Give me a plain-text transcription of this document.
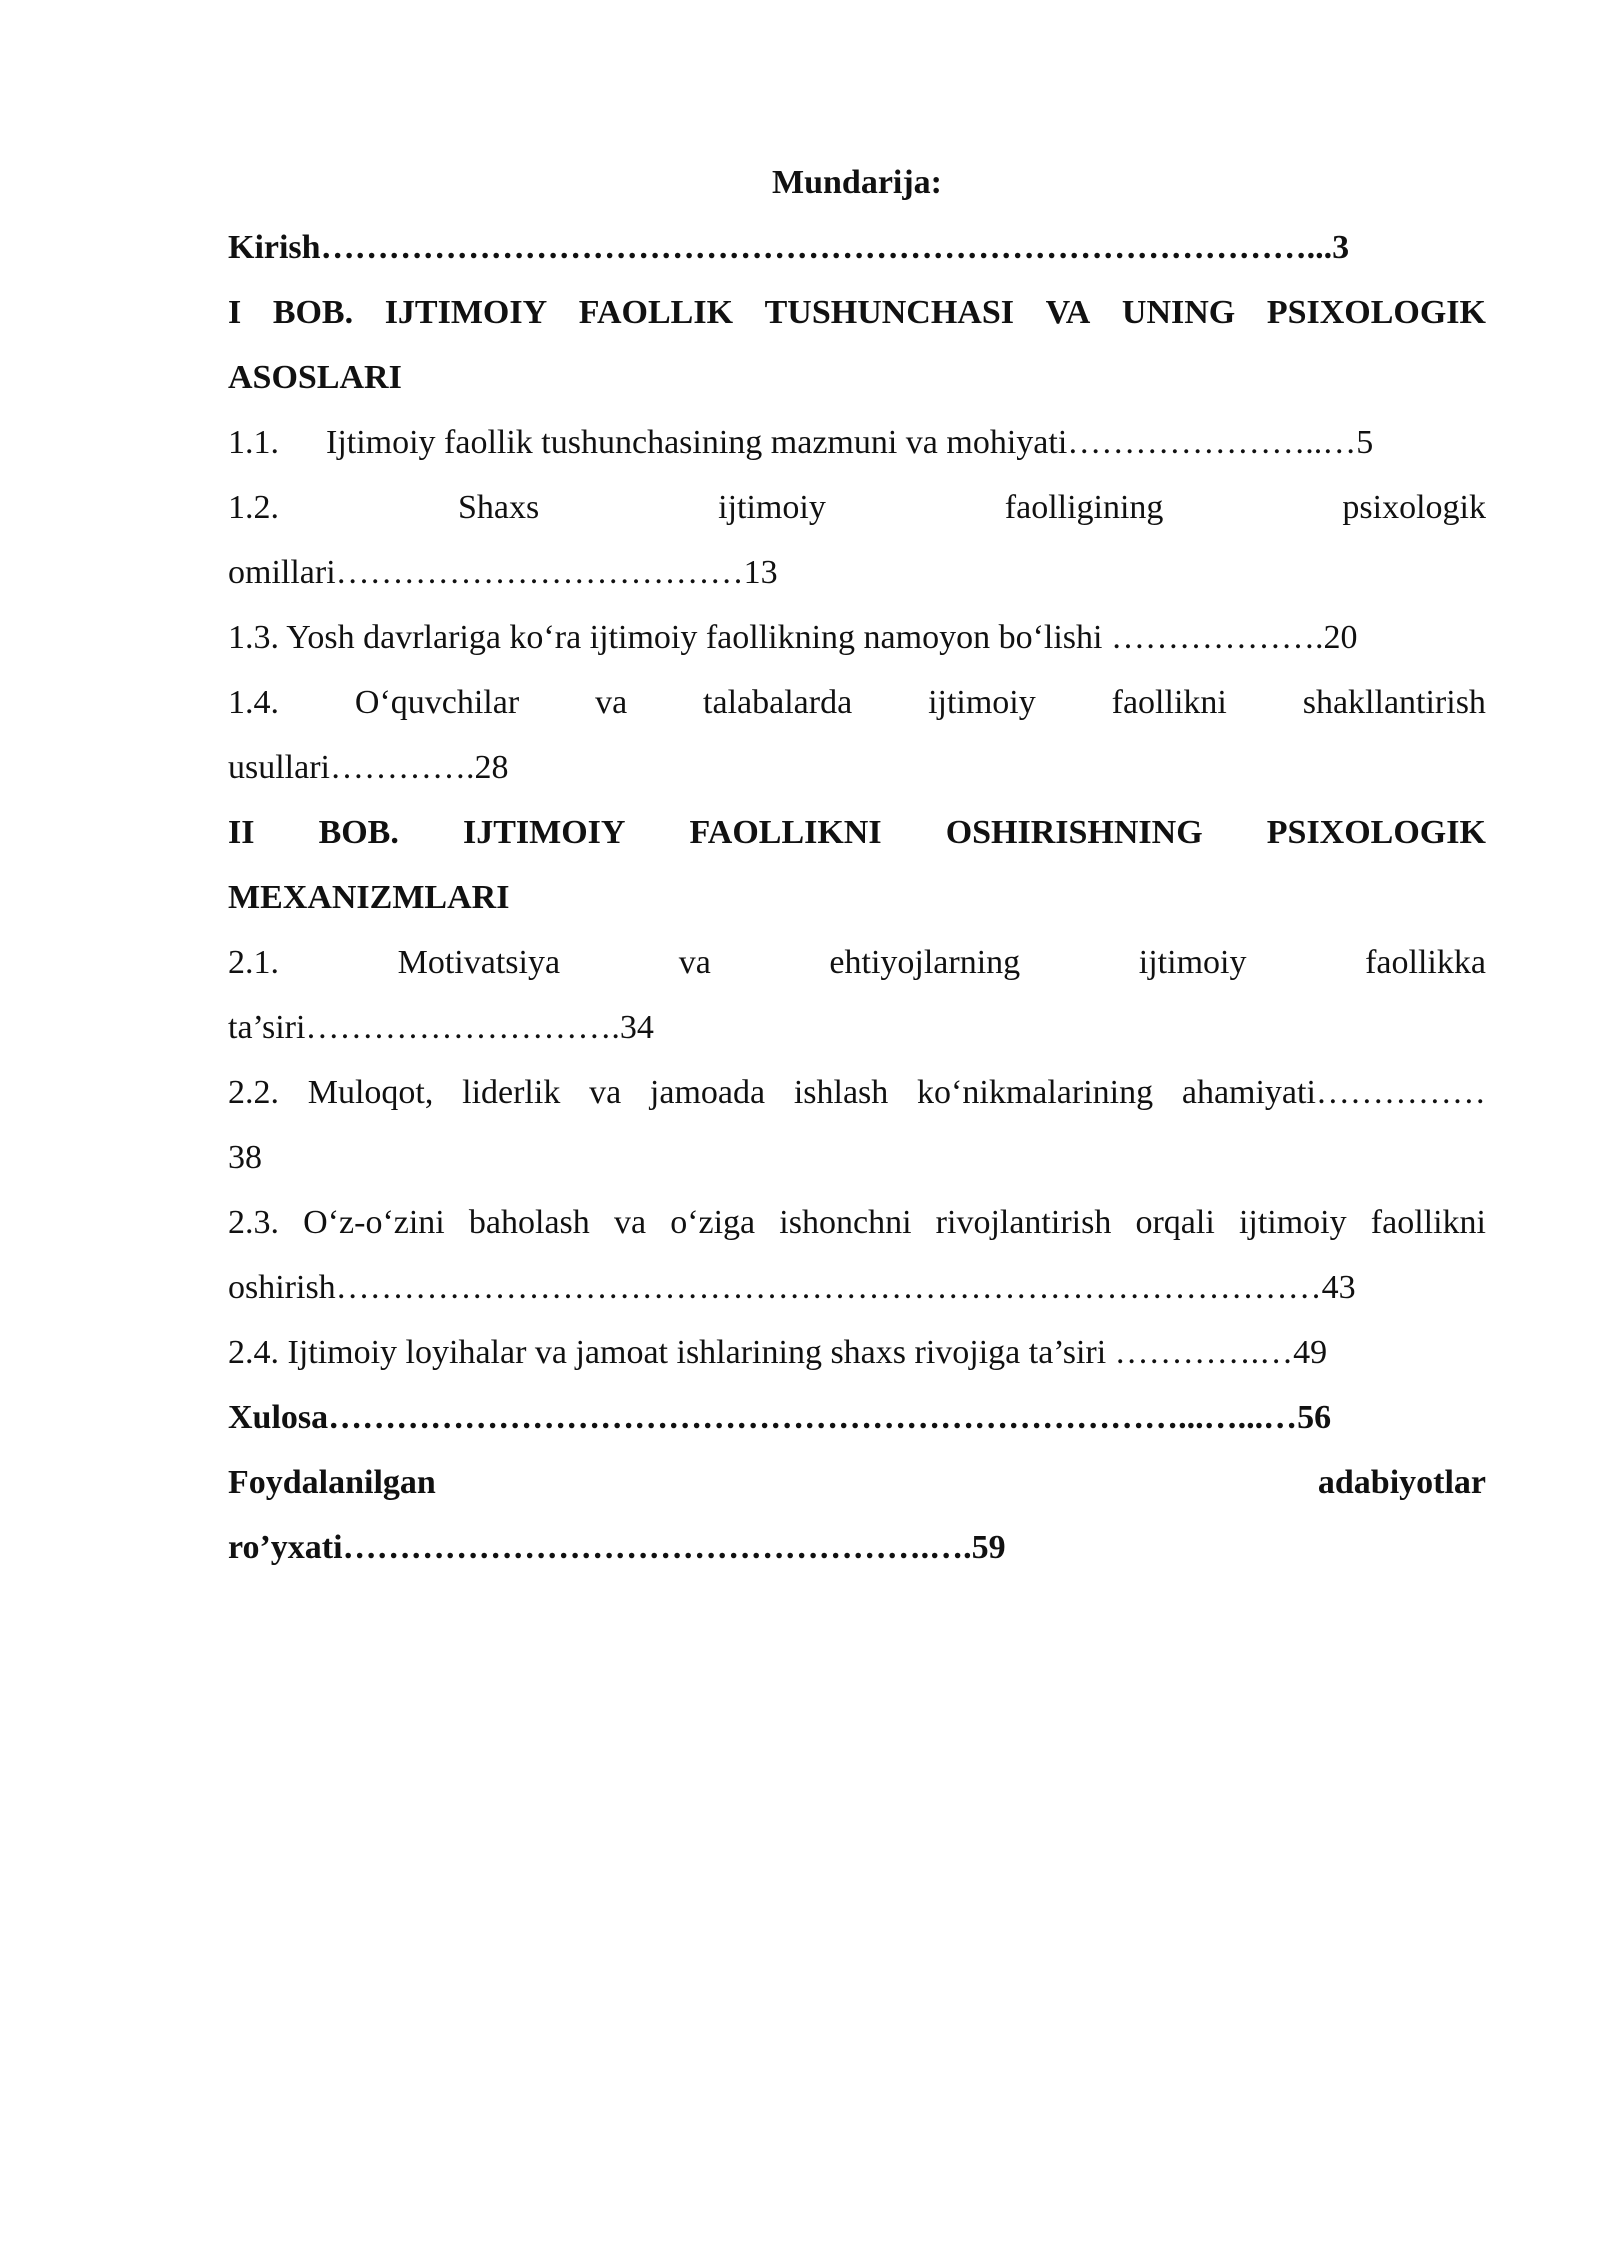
Mundarija:

Kirish……………………………………………………………………………...3

I BOB. IJTIMOIY FAOLLIK TUSHUNCHASI VA UNING PSIXOLOGIK

ASOSLARI

1.1. Ijtimoiy faollik tushunchasining mazmuni va mohiyati…………………..…5

1.2.	Shaxs	ijtimoiy	faolligining	psixologik

omillari………………………………13

1.3. Yosh davrlariga ko‘ra ijtimoiy faollikning namoyon bo‘lishi ……………….20

1.4. O‘quvchilar va talabalarda ijtimoiy faollikni shakllantirish

usullari………….28

II BOB. IJTIMOIY FAOLLIKNI OSHIRISHNING PSIXOLOGIK

MEXANIZMLARI

2.1.	Motivatsiya	va	ehtiyojlarning	ijtimoiy	faollikka

ta’siri……………………….34

2.2. Muloqot, liderlik va jamoada ishlash ko‘nikmalarining ahamiyati……………

38

2.3. O‘z-o‘zini baholash va o‘ziga ishonchni rivojlantirish orqali ijtimoiy faollikni

oshirish……………………………………………………………………………43

2.4. Ijtimoiy loyihalar va jamoat ishlarining shaxs rivojiga ta’siri ………….…49

Xulosa…………………………………………………………………...…...…56

Foydalanilgan	adabiyotlar

ro’yxati…………………………………………….….59
